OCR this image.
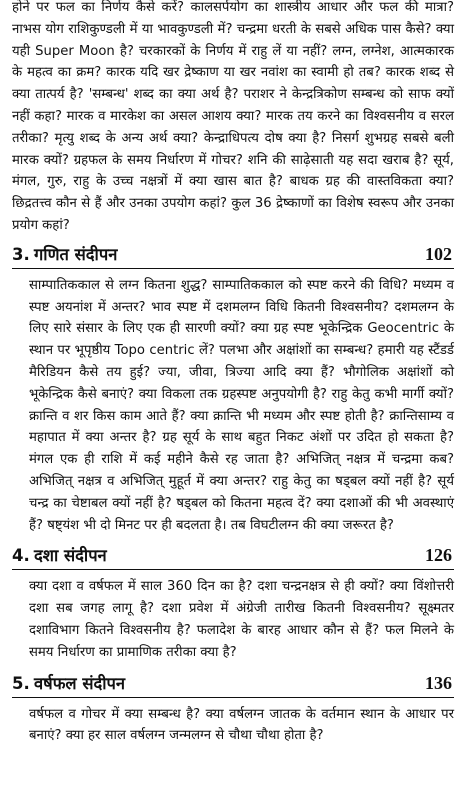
होने पर फल का निर्णय कैसे करें? कालसर्पयोग का शास्त्रीय आधार और फल की मात्रा? नाभस योग राशिकुण्डली में या भावकुण्डली में? चन्द्रमा धरती के सबसे अधिक पास कैसे? क्या यही Super Moon है? चरकारकों के निर्णय में राहु लें या नहीं? लग्न, लग्नेश, आत्मकारक के महत्व का क्रम? कारक यदि खर द्रेष्काण या खर नवांश का स्वामी हो तब? कारक शब्द से क्या तात्पर्य है? 'सम्बन्ध' शब्द का क्या अर्थ है? पराशर ने केन्द्रत्रिकोण सम्बन्ध को साफ क्यों नहीं कहा? मारक व मारकेश का असल आशय क्या? मारक तय करने का विश्वसनीय व सरल तरीका? मृत्यु शब्द के अन्य अर्थ क्या? केन्द्राधिपत्य दोष क्या है? निसर्ग शुभग्रह सबसे बली मारक क्यों? ग्रहफल के समय निर्धारण में गोचर? शनि की साढ़ेसाती यह सदा खराब है? सूर्य, मंगल, गुरु, राहु के उच्च नक्षत्रों में क्या खास बात है? बाधक ग्रह की वास्तविकता क्या? छिद्रतत्त्व कौन से हैं और उनका उपयोग कहां? कुल 36 द्रेष्काणों का विशेष स्वरूप और उनका प्रयोग कहां?

3. गणित संदीपन	102

साम्पातिककाल से लग्न कितना शुद्ध? साम्पातिककाल को स्पष्ट करने की विधि? मध्यम व स्पष्ट अयनांश में अन्तर? भाव स्पष्ट में दशमलग्न विधि कितनी विश्वसनीय? दशमलग्न के लिए सारे संसार के लिए एक ही सारणी क्यों? क्या ग्रह स्पष्ट भूकेन्द्रिक Geocentric के स्थान पर भूपृष्ठीय Topo centric लें? पलभा और अक्षांशों का सम्बन्ध? हमारी यह स्टैंडर्ड मैरिडियन कैसे तय हुई? ज्या, जीवा, त्रिज्या आदि क्या हैं? भौगोलिक अक्षांशों को भूकेन्द्रिक कैसे बनाएं? क्या विकला तक ग्रहस्पष्ट अनुपयोगी है? राहु केतु कभी मार्गी क्यों? क्रान्ति व शर किस काम आते हैं? क्या क्रान्ति भी मध्यम और स्पष्ट होती है? क्रान्तिसाम्य व महापात में क्या अन्तर है? ग्रह सूर्य के साथ बहुत निकट अंशों पर उदित हो सकता है? मंगल एक ही राशि में कई महीने कैसे रह जाता है? अभिजित् नक्षत्र में चन्द्रमा कब? अभिजित् नक्षत्र व अभिजित् मुहूर्त में क्या अन्तर? राहु केतु का षड्बल क्यों नहीं है? सूर्य चन्द्र का चेष्टाबल क्यों नहीं है? षड्बल को कितना महत्व दें? क्या दशाओं की भी अवस्थाएं हैं? षष्ट्यंश भी दो मिनट पर ही बदलता है। तब विघटीलग्न की क्या जरूरत है?

4. दशा संदीपन	126

क्या दशा व वर्षफल में साल 360 दिन का है? दशा चन्द्रनक्षत्र से ही क्यों? क्या विंशोत्तरी दशा सब जगह लागू है? दशा प्रवेश में अंग्रेजी तारीख कितनी विश्वसनीय? सूक्ष्मतर दशाविभाग कितने विश्वसनीय है? फलादेश के बारह आधार कौन से हैं? फल मिलने के समय निर्धारण का प्रामाणिक तरीका क्या है?

5. वर्षफल संदीपन	136

वर्षफल व गोचर में क्या सम्बन्ध है? क्या वर्षलग्न जातक के वर्तमान स्थान के आधार पर बनाएं? क्या हर साल वर्षलग्न जन्मलग्न से चौथा चौथा होता है?
